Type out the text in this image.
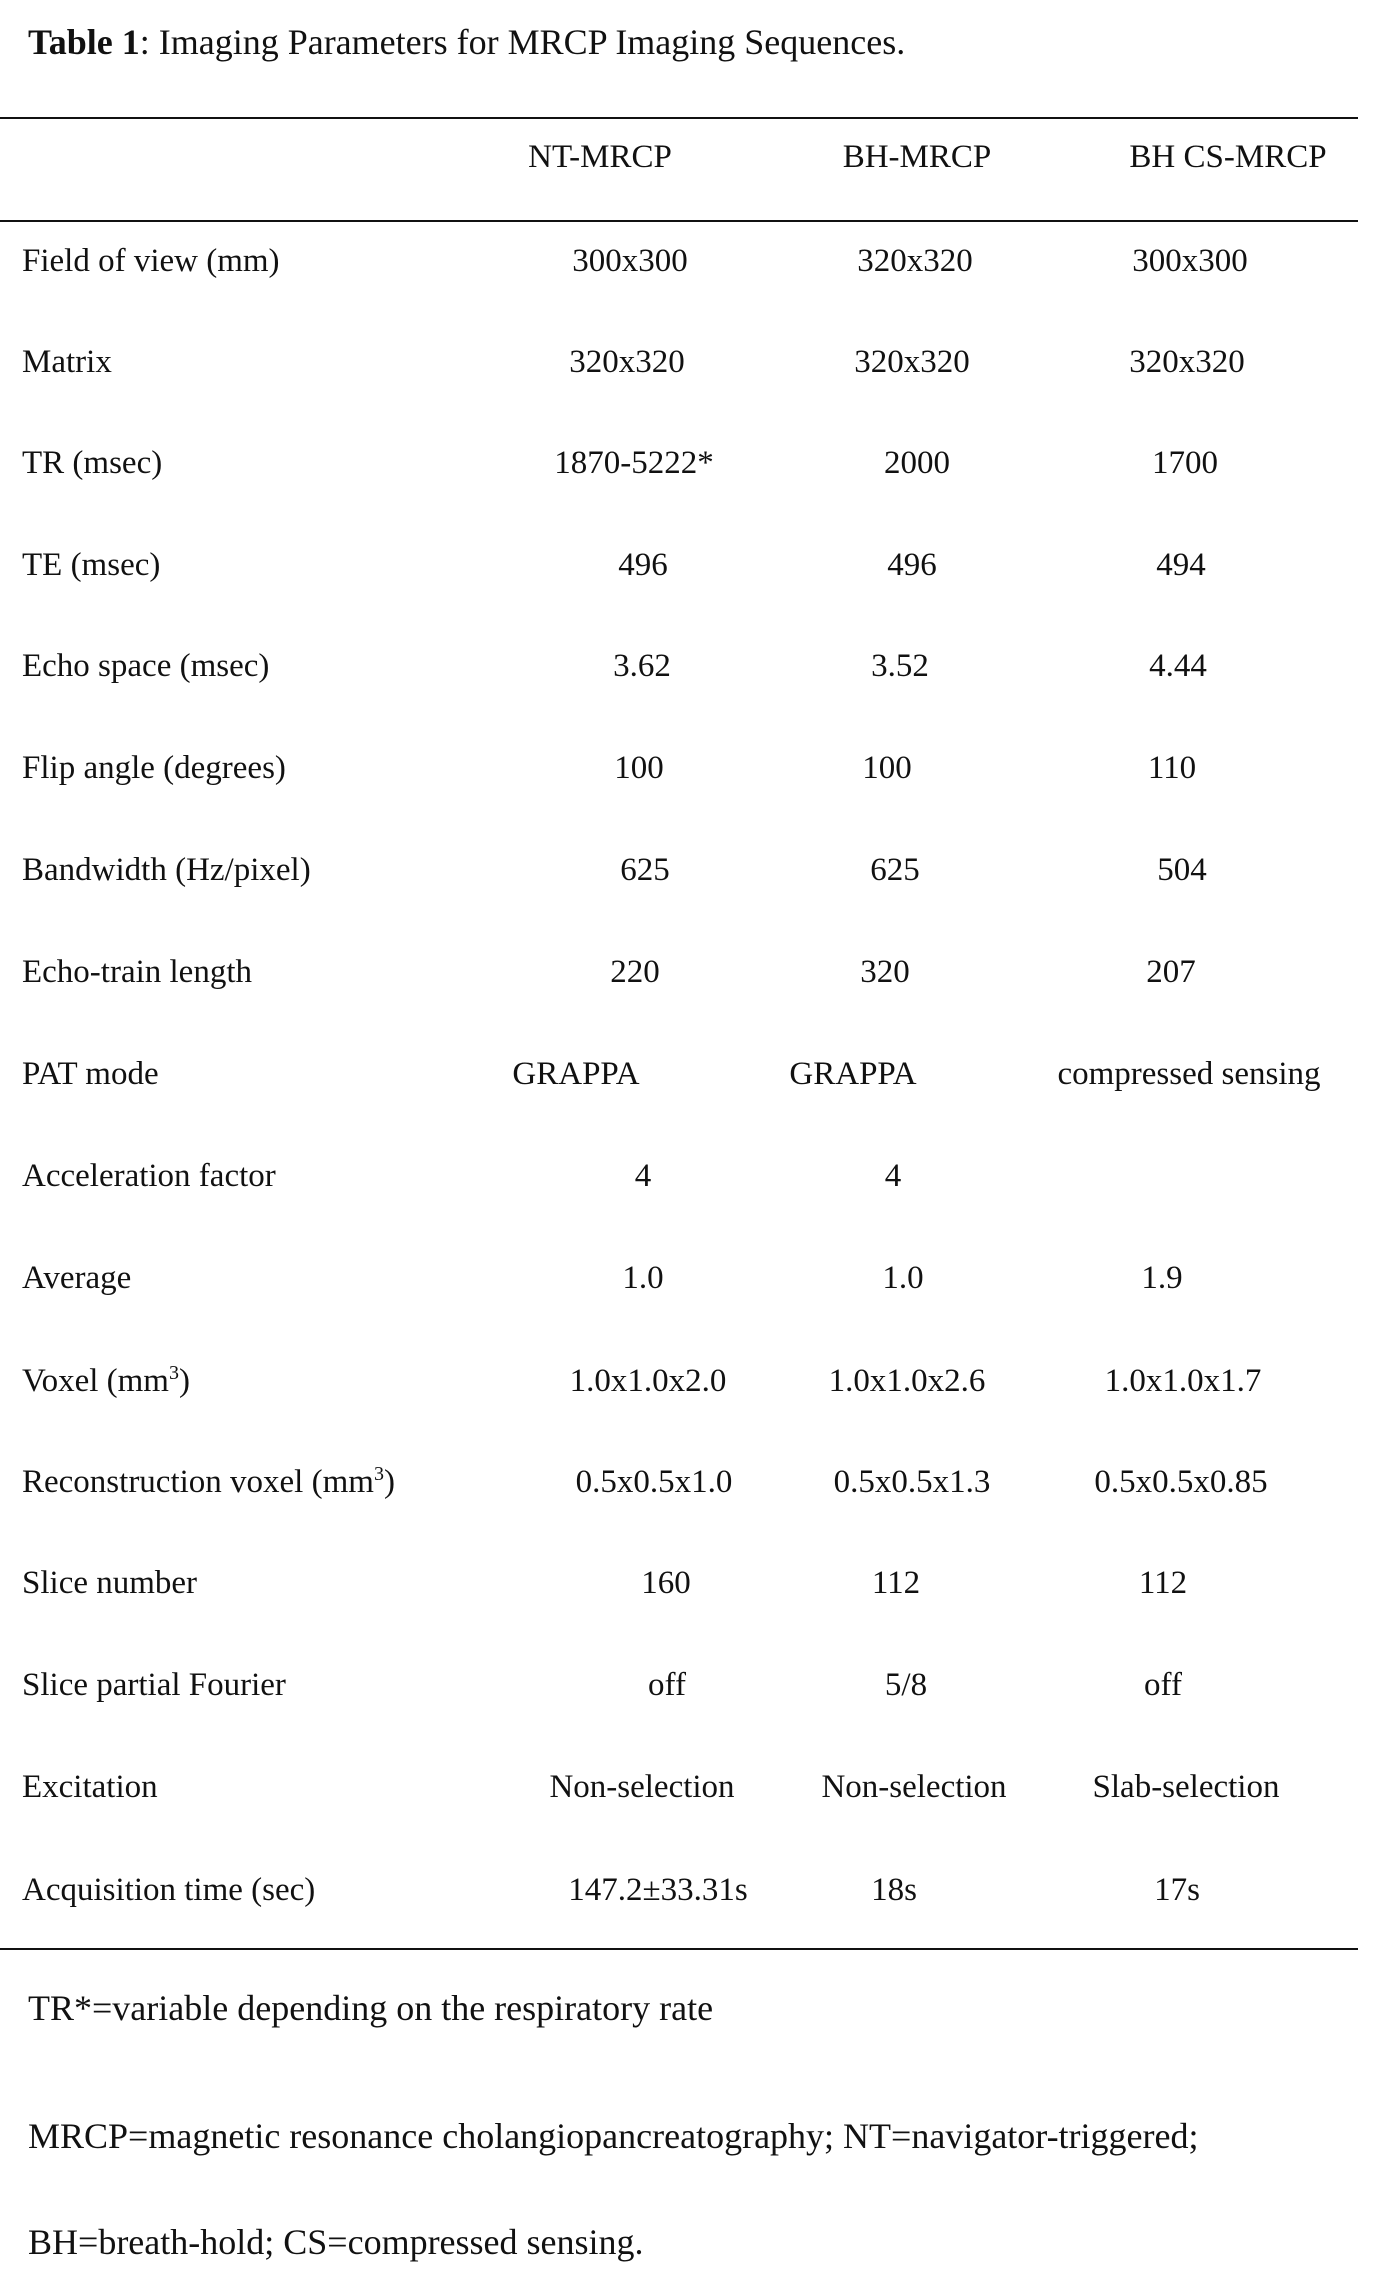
Table 1: Imaging Parameters for MRCP Imaging Sequences.
NT-MRCP	BH-MRCP	BH CS-MRCP
Field of view (mm)	300x300	320x320	300x300
Matrix	320x320	320x320	320x320
TR (msec)	1870-5222*	2000	1700
TE (msec)	496	496	494
Echo space (msec)	3.62	3.52	4.44
Flip angle (degrees)	100	100	110
Bandwidth (Hz/pixel)	625	625	504
Echo-train length	220	320	207
PAT mode	GRAPPA	GRAPPA	compressed sensing
Acceleration factor	4	4
Average	1.0	1.0	1.9
Voxel $(mm^3)$	1.0x1.0x2.0	1.0x1.0x2.6	1.0x1.0x1.7
Reconstruction voxel $(mm^3)$	0.5x0.5x1.0	0.5x0.5x1.3	0.5x0.5x0.85
Slice number	160	112	112
Slice partial Fourier	off	5/8	off
Excitation	Non-selection	Non-selection	Slab-selection
Acquisition time (sec)	147.2±33.31s	18s	17s
TR*=variable depending on the respiratory rate
MRCP=magnetic resonance cholangiopancreatography; NT=navigator-triggered;
BH=breath-hold; CS=compressed sensing.
